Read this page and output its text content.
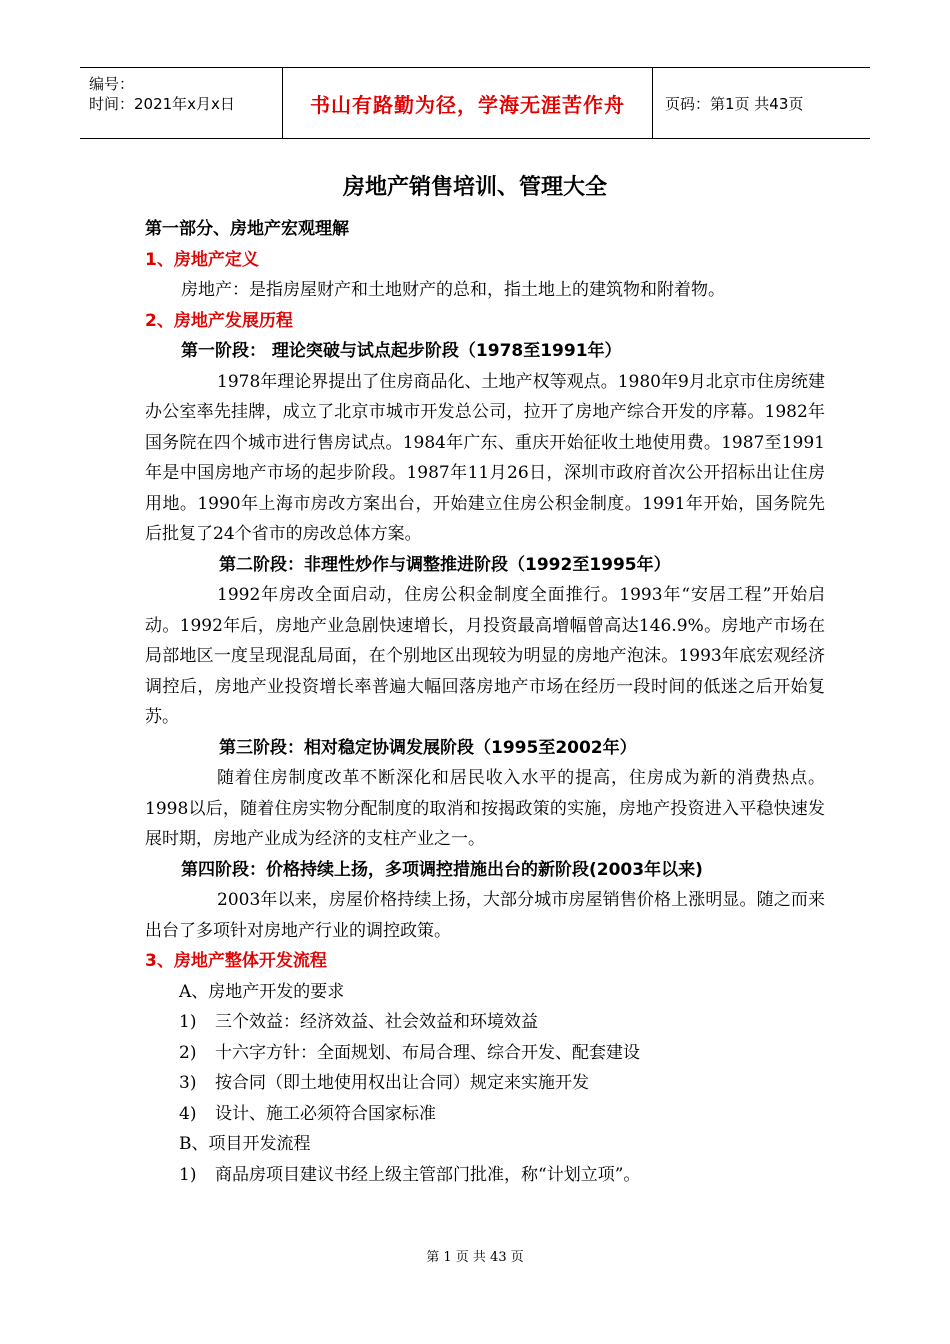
编号：
时间：2021年x月x日	书山有路勤为径，学海无涯苦作舟	页码：第1页 共43页
房地产销售培训、管理大全
第一部分、房地产宏观理解
1、房地产定义
房地产：是指房屋财产和土地财产的总和，指土地上的建筑物和附着物。
2、房地产发展历程
第一阶段： 理论突破与试点起步阶段（1978至1991年）
1978年理论界提出了住房商品化、土地产权等观点。1980年9月北京市住房统建办公室率先挂牌，成立了北京市城市开发总公司，拉开了房地产综合开发的序幕。1982年国务院在四个城市进行售房试点。1984年广东、重庆开始征收土地使用费。1987至1991年是中国房地产市场的起步阶段。1987年11月26日，深圳市政府首次公开招标出让住房用地。1990年上海市房改方案出台，开始建立住房公积金制度。1991年开始，国务院先后批复了24个省市的房改总体方案。
第二阶段：非理性炒作与调整推进阶段（1992至1995年）
1992年房改全面启动，住房公积金制度全面推行。1993年“安居工程”开始启动。1992年后，房地产业急剧快速增长，月投资最高增幅曾高达146.9%。房地产市场在局部地区一度呈现混乱局面，在个别地区出现较为明显的房地产泡沫。1993年底宏观经济调控后，房地产业投资增长率普遍大幅回落房地产市场在经历一段时间的低迷之后开始复苏。
第三阶段：相对稳定协调发展阶段（1995至2002年）
随着住房制度改革不断深化和居民收入水平的提高，住房成为新的消费热点。1998以后，随着住房实物分配制度的取消和按揭政策的实施，房地产投资进入平稳快速发展时期，房地产业成为经济的支柱产业之一。
第四阶段：价格持续上扬，多项调控措施出台的新阶段(2003年以来)
2003年以来，房屋价格持续上扬，大部分城市房屋销售价格上涨明显。随之而来出台了多项针对房地产行业的调控政策。
3、房地产整体开发流程
A、房地产开发的要求
1) 三个效益：经济效益、社会效益和环境效益
2) 十六字方针：全面规划、布局合理、综合开发、配套建设
3) 按合同（即土地使用权出让合同）规定来实施开发
4) 设计、施工必须符合国家标准
B、项目开发流程
1) 商品房项目建议书经上级主管部门批准，称“计划立项”。
第 1 页 共 43 页
